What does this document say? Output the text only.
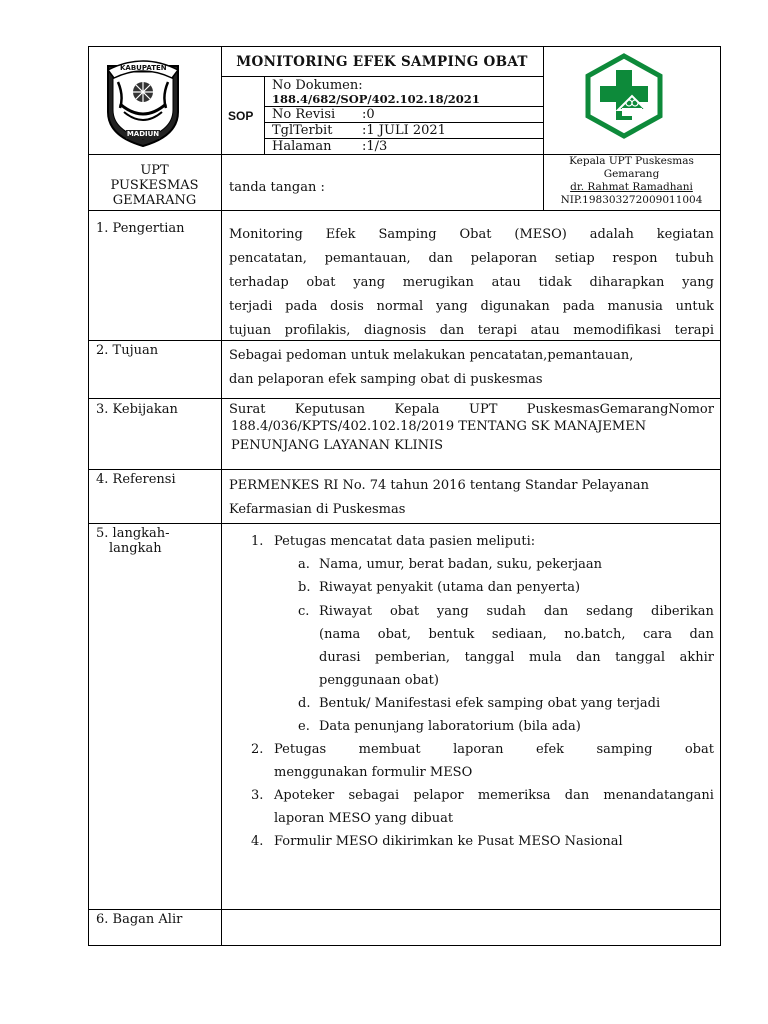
KABUPATEN
MADIUN
MONITORING EFEK SAMPING OBAT
SOP
No Dokumen:
188.4/682/SOP/402.102.18/2021
No Revisi :0
TglTerbit :1 JULI 2021
Halaman :1/3
UPT
PUSKESMAS
GEMARANG
tanda tangan :
Kepala UPT Puskesmas
Gemarang
dr. Rahmat Ramadhani
NIP.198303272009011004
1. Pengertian	Monitoring Efek Samping Obat (MESO) adalah kegiatan
pencatatan, pemantauan, dan pelaporan setiap respon tubuh
terhadap obat yang merugikan atau tidak diharapkan yang
terjadi pada dosis normal yang digunakan pada manusia untuk
tujuan profilakis, diagnosis dan terapi atau memodifikasi terapi
2. Tujuan	Sebagai pedoman untuk melakukan pencatatan,pemantauan,
dan pelaporan efek samping obat di puskesmas
3. Kebijakan	Surat Keputusan Kepala UPT PuskesmasGemarangNomor
188.4/036/KPTS/402.102.18/2019 TENTANG SK MANAJEMEN
PENUNJANG LAYANAN KLINIS
4. Referensi	PERMENKES RI No. 74 tahun 2016 tentang Standar Pelayanan
Kefarmasian di Puskesmas
5. langkah-
langkah	1. Petugas mencatat data pasien meliputi:
a. Nama, umur, berat badan, suku, pekerjaan
b. Riwayat penyakit (utama dan penyerta)
c. Riwayat obat yang sudah dan sedang diberikan
(nama obat, bentuk sediaan, no.batch, cara dan
durasi pemberian, tanggal mula dan tanggal akhir
penggunaan obat)
d. Bentuk/ Manifestasi efek samping obat yang terjadi
e. Data penunjang laboratorium (bila ada)
2. Petugas membuat laporan efek samping obat
menggunakan formulir MESO
3. Apoteker sebagai pelapor memeriksa dan menandatangani
laporan MESO yang dibuat
4. Formulir MESO dikirimkan ke Pusat MESO Nasional
6. Bagan Alir
